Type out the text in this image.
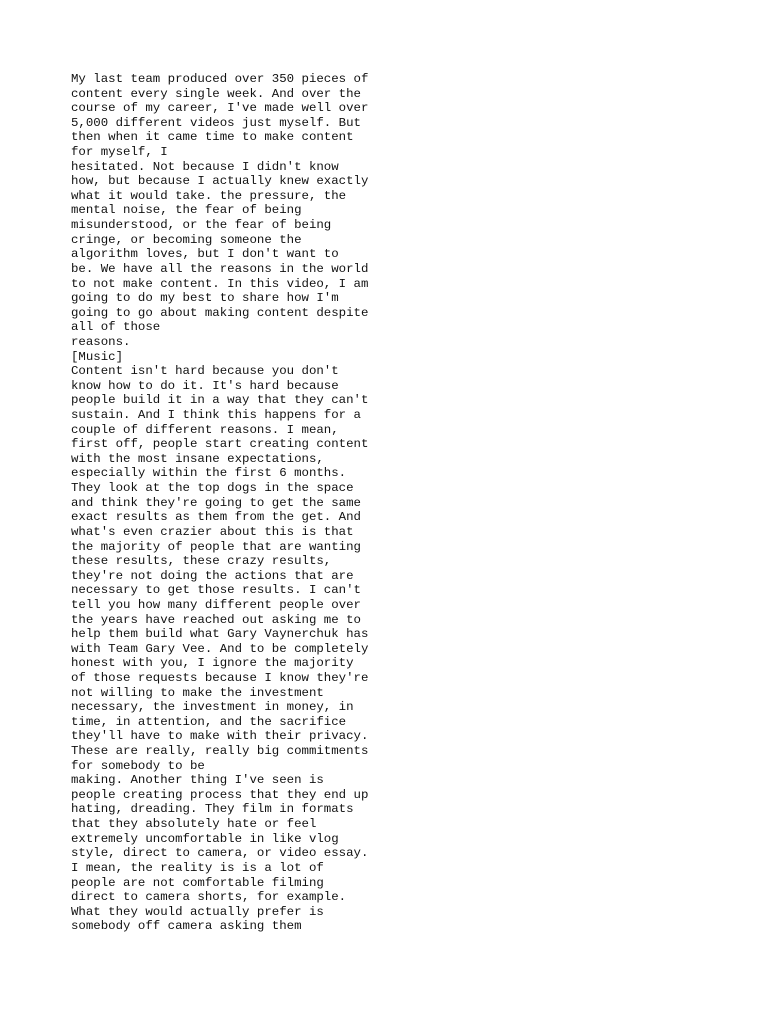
My last team produced over 350 pieces of
content every single week. And over the
course of my career, I've made well over
5,000 different videos just myself. But
then when it came time to make content
for myself, I
hesitated. Not because I didn't know
how, but because I actually knew exactly
what it would take. the pressure, the
mental noise, the fear of being
misunderstood, or the fear of being
cringe, or becoming someone the
algorithm loves, but I don't want to
be. We have all the reasons in the world
to not make content. In this video, I am
going to do my best to share how I'm
going to go about making content despite
all of those
reasons.
[Music]
Content isn't hard because you don't
know how to do it. It's hard because
people build it in a way that they can't
sustain. And I think this happens for a
couple of different reasons. I mean,
first off, people start creating content
with the most insane expectations,
especially within the first 6 months.
They look at the top dogs in the space
and think they're going to get the same
exact results as them from the get. And
what's even crazier about this is that
the majority of people that are wanting
these results, these crazy results,
they're not doing the actions that are
necessary to get those results. I can't
tell you how many different people over
the years have reached out asking me to
help them build what Gary Vaynerchuk has
with Team Gary Vee. And to be completely
honest with you, I ignore the majority
of those requests because I know they're
not willing to make the investment
necessary, the investment in money, in
time, in attention, and the sacrifice
they'll have to make with their privacy.
These are really, really big commitments
for somebody to be
making. Another thing I've seen is
people creating process that they end up
hating, dreading. They film in formats
that they absolutely hate or feel
extremely uncomfortable in like vlog
style, direct to camera, or video essay.
I mean, the reality is is a lot of
people are not comfortable filming
direct to camera shorts, for example.
What they would actually prefer is
somebody off camera asking them
